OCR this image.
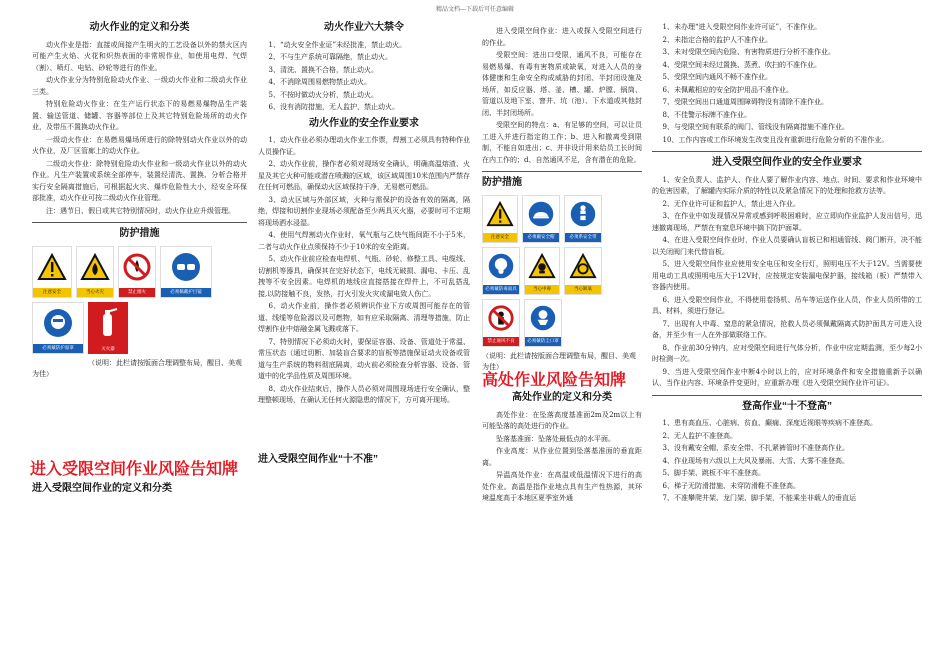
精品文档---下载后可任意编辑
动火作业的定义和分类
动火作业是指：直接或间接产生明火的工艺设备以外的禁火区内可能产生火焰、火花和炽热表面的非常规作业，如使用电焊、气焊（割）、喷灯、电钻、砂轮等进行的作业。
动火作业分为特别危险动火作业、一级动火作业和二级动火作业三类。
特别危险动火作业：在生产运行状态下的易燃易爆物品生产装置、输送管道、储罐、容器等部位上及其它特别危险场所的动火作业，及带压不置换动火作业。
一级动火作业：在易燃易爆场所进行的除特别动火作业以外的动火作业，及厂区管廊上的动火作业。
二级动火作业：除特别危险动火作业和一级动火作业以外的动火作业。凡生产装置或系统全部停车，装置经清洗、置换、分析合格并实行安全隔离措施后，可根据起火灾、爆炸危险性大小，经安全环保部批准，动火作业可按二级动火作业管理。
注：遇节日、假日或其它特别情况时，动火作业应升级管理。
防护措施
注意安全	当心火灾	禁止烟火	必须佩戴护目镜
必须戴防护面罩	灭火器
（说明：此栏请按版面合理调整布局，醒目、美观为佳）
进入受限空间作业风险告知牌
进入受限空间作业的定义和分类
动火作业六大禁令
1、“动火安全作业证”未经批准，禁止动火。
2、不与生产系统可靠隔绝，禁止动火。
3、清洗、置换不合格，禁止动火。
4、不消除周围易燃物禁止动火。
5、不按时做动火分析，禁止动火。
6、没有消防措施，无人监护，禁止动火。
动火作业的安全作业要求
1、动火作业必须办理动火作业工作票，焊割工必须具有特种作业人员操作证。
2、动火作业前，操作者必须对现场安全确认，明确高温熔渣、火星及其它火种可能或潜在喷溅的区域，该区域周围10米范围内严禁存在任何可燃品，确保动火区域保持干净，无易燃可燃品。
3、动火区域与外部区域，火种与需保护的设备有效的隔离，隔绝，焊接和切割作业现场必须配备至少两具灭火器，必要时可不定期将现场洒水浸湿。
4、使用气焊割动火作业时，氧气瓶与乙炔气瓶间距不小于5米，二者与动火作业点须保持不少于10米的安全距离。
5、动火作业前应检查电焊机、气瓶、砂轮、修整工具、电缆线、切割机等器具，确保其在完好状态下，电线无破损、漏电、卡压、乱拽等不安全因素。电焊机的地线应直接搭接在焊件上，不可乱搭乱接,以防接触不良，发热，打火引发火灾或漏电致人伤亡。
6、动火作业前，操作者必须辨识作业下方或周围可能存在的管道、线缆等危险源以及可燃物，如有应采取隔离、清理等措施，防止焊割作业中熔融金属飞溅或落下。
7、特别情况下必须动火时，要保证容器、设备、管道处于常温、常压状态（通过切断、加装盲合要求的盲板等措施保证动火设备或管道与生产系统的物料彻底隔离，动火前必须检查分析容器、设备、管道中的化学品性质及周围环境。
8、动火作业结束后，操作人员必须对周围现场进行安全确认，整理整顿现场，在确认无任何火源隐患的情况下，方可离开现场。
进入受限空间作业“十不准”
进入受限空间作业：进入或探入受限空间进行的作业。
受限空间：进出口受限，通风不良，可能存在易燃易爆、有毒有害物质或缺氧，对进入人员的身体健康和生命安全构成威胁的封闭、半封闭设施及场所，如反应器、塔、釜、槽、罐、炉膛、锅筒、管道以及地下室、窨井、坑（池）、下水道或其他封闭、半封闭场所。
受限空间的特点：a、有足够的空间，可以让员工进入并进行指定的工作；b、进入和撤离受到限制，不能自如进出；c、并非设计用来给员工长时间在内工作的；d、自然通风不足，含有潜在的危险。
防护措施
注意安全	必须戴安全帽	必须系安全带
必须戴防毒面具	当心中毒	当心缺氧
禁止通风不良	必须戴防尘口罩
（说明：此栏请按版面合理调整布局，醒目、美观为佳）
高处作业风险告知牌
高处作业的定义和分类
高处作业：在坠落高度基准面2m及2m以上有可能坠落的高处进行的作业。
坠落基准面：坠落处最低点的水平面。
作业高度：从作业位置到坠落基准面的垂直距离。
异温高处作业：在高温或低温情况下进行的高处作业。高温是指作业地点具有生产性热源，其环境温度高于本地区夏季室外通
1、未办理“进入受限空间作业许可证”，不准作业。
2、未指定合格的监护人不准作业。
3、未对受限空间内危险、有害物质进行分析不准作业。
4、受限空间未经过置换、蒸煮、吹扫的不准作业。
5、受限空间内通风不畅不准作业。
6、未佩戴相应的安全防护用品不准作业。
7、受限空间出口通道周围障碍物没有清除不准作业。
8、不佳警示标牌不准作业。
9、与受限空间有联系的阀门、管线没有隔离措施不准作业。
10、工作内容或工作环境发生改变且没有重新进行危险分析的不准作业。
进入受限空间作业的安全作业要求
1、安全负责人、监护人、作业人要了解作业内容、地点、时间、要求和作业环境中的危害因素，了解罐内实际介质的特性以及紧急情况下的处理和抢救方法等。
2、无作业许可证和监护人，禁止进入作业。
3、在作业中如发现情况异常或感到呼吸困难时，应立即向作业监护人发出信号，迅速撤离现场，严禁在有窒息环境中摘下防护面罩。
4、在进入受限空间作业时，作业人员要确认盲板已和相通管线、阀门断开，决不能以关闭阀门来代替盲板。
5、进入受限空间作业应使用安全电压和安全行灯，照明电压不大于12V。当需要使用电动工具或照明电压大于12V时，应按规定安装漏电保护器，接线箱（板）严禁带入容器内使用。
6、进入受限空间作业，不得使用卷扬机、吊车等运送作业人员，作业人员所带的工具、材料，须进行登记。
7、出现有人中毒、窒息的紧急情况，抢救人员必须佩戴隔离式防护面具方可进入设备，并至少有一人在外部做联络工作。
8、作业前30分钟内，应对受限空间进行气体分析，作业中应定期监测，至少每2小时检测一次。
9、当进入受限空间作业中断4小时以上的，应对环境条件和安全措施重新予以确认，当作业内容、环境条件变更时，应重新办理《进入受限空间作业许可证》。
登高作业“十不登高”
1、患有高血压、心脏病、贫血、癫痫、深度近视眼等疾病不准登高。
2、无人监护不准登高。
3、没有戴安全帽、系安全带、不扎紧裤管时不准登高作业。
4、作业现场有六级以上大风及暴雨、大雪、大雾不准登高。
5、脚手架、跳板不牢不准登高。
6、梯子无防滑措施、未穿防滑鞋不准登高。
7、不准攀爬井架、龙门架、脚手架，不能乘坐非载人的垂直运
